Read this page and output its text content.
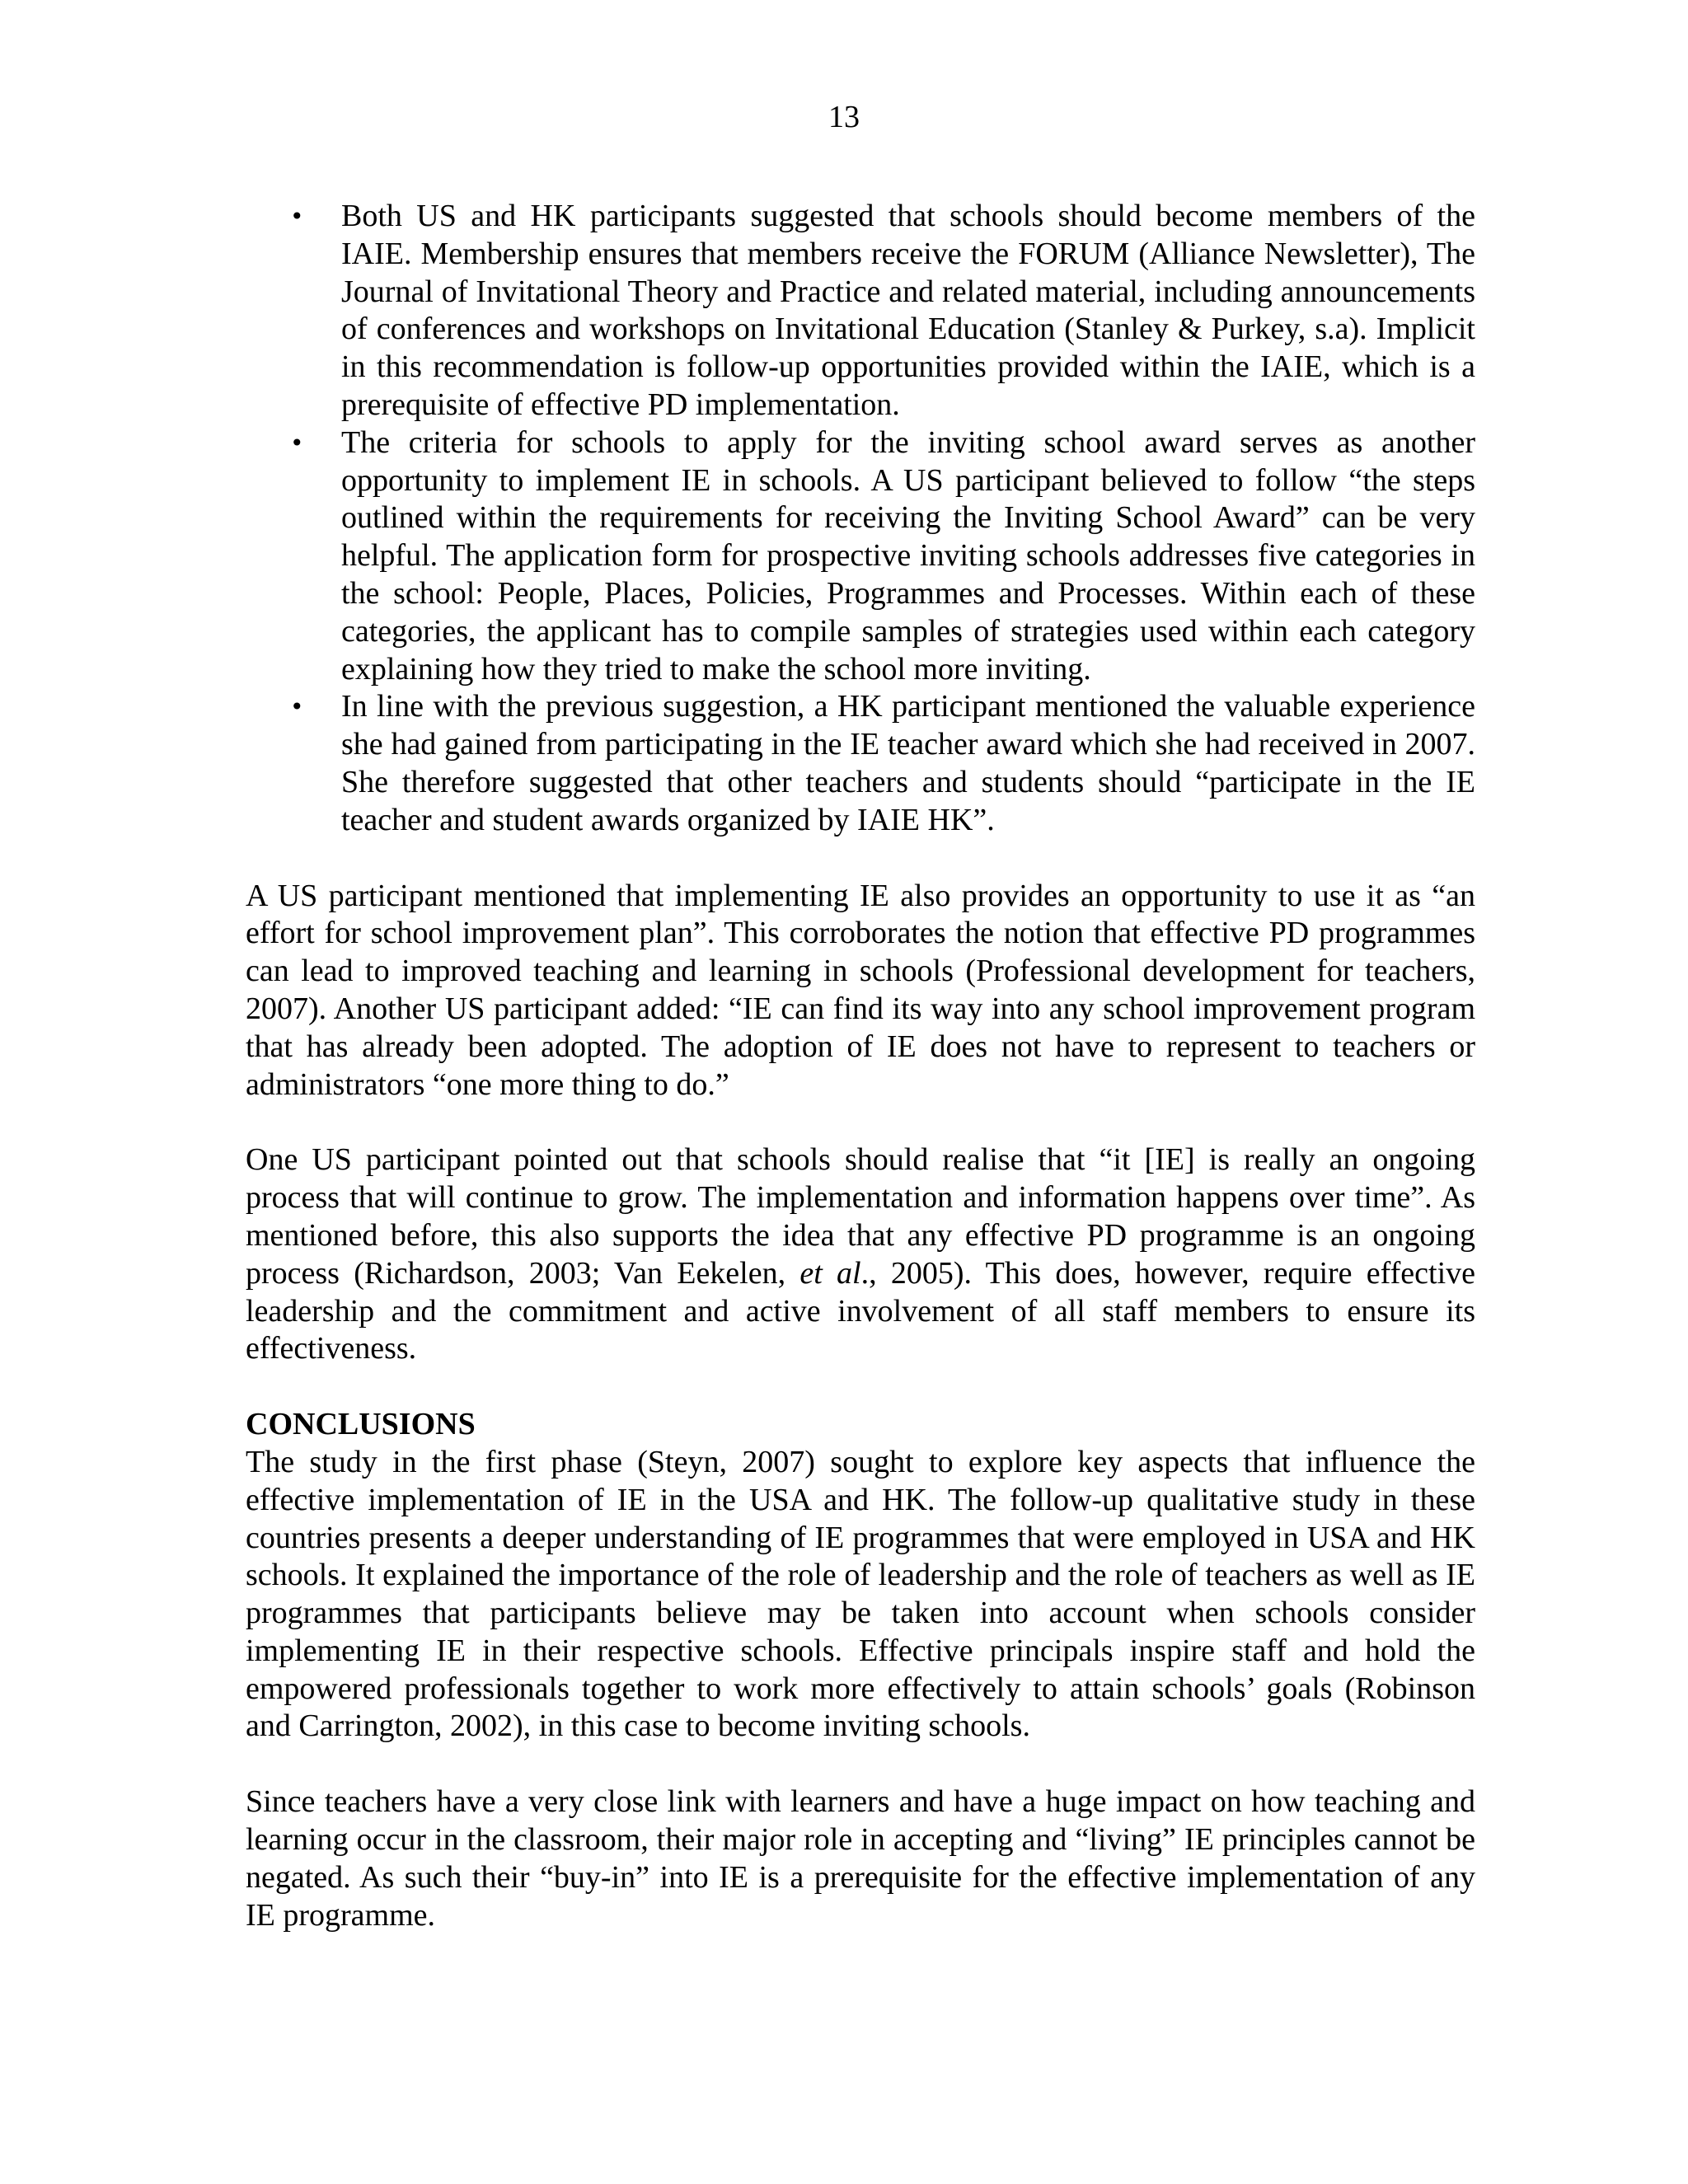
13
• Both US and HK participants suggested that schools should become members of the IAIE. Membership ensures that members receive the FORUM (Alliance Newsletter), The Journal of Invitational Theory and Practice and related material, including announcements of conferences and workshops on Invitational Education (Stanley & Purkey, s.a). Implicit in this recommendation is follow-up opportunities provided within the IAIE, which is a prerequisite of effective PD implementation.
• The criteria for schools to apply for the inviting school award serves as another opportunity to implement IE in schools. A US participant believed to follow “the steps outlined within the requirements for receiving the Inviting School Award” can be very helpful. The application form for prospective inviting schools addresses five categories in the school: People, Places, Policies, Programmes and Processes. Within each of these categories, the applicant has to compile samples of strategies used within each category explaining how they tried to make the school more inviting.
• In line with the previous suggestion, a HK participant mentioned the valuable experience she had gained from participating in the IE teacher award which she had received in 2007. She therefore suggested that other teachers and students should “participate in the IE teacher and student awards organized by IAIE HK”.

A US participant mentioned that implementing IE also provides an opportunity to use it as “an effort for school improvement plan”. This corroborates the notion that effective PD programmes can lead to improved teaching and learning in schools (Professional development for teachers, 2007). Another US participant added: “IE can find its way into any school improvement program that has already been adopted. The adoption of IE does not have to represent to teachers or administrators “one more thing to do.”

One US participant pointed out that schools should realise that “it [IE] is really an ongoing process that will continue to grow. The implementation and information happens over time”. As mentioned before, this also supports the idea that any effective PD programme is an ongoing process (Richardson, 2003; Van Eekelen, et al., 2005). This does, however, require effective leadership and the commitment and active involvement of all staff members to ensure its effectiveness.

CONCLUSIONS

The study in the first phase (Steyn, 2007) sought to explore key aspects that influence the effective implementation of IE in the USA and HK. The follow-up qualitative study in these countries presents a deeper understanding of IE programmes that were employed in USA and HK schools. It explained the importance of the role of leadership and the role of teachers as well as IE programmes that participants believe may be taken into account when schools consider implementing IE in their respective schools. Effective principals inspire staff and hold the empowered professionals together to work more effectively to attain schools’ goals (Robinson and Carrington, 2002), in this case to become inviting schools.

Since teachers have a very close link with learners and have a huge impact on how teaching and learning occur in the classroom, their major role in accepting and “living” IE principles cannot be negated. As such their “buy-in” into IE is a prerequisite for the effective implementation of any IE programme.
